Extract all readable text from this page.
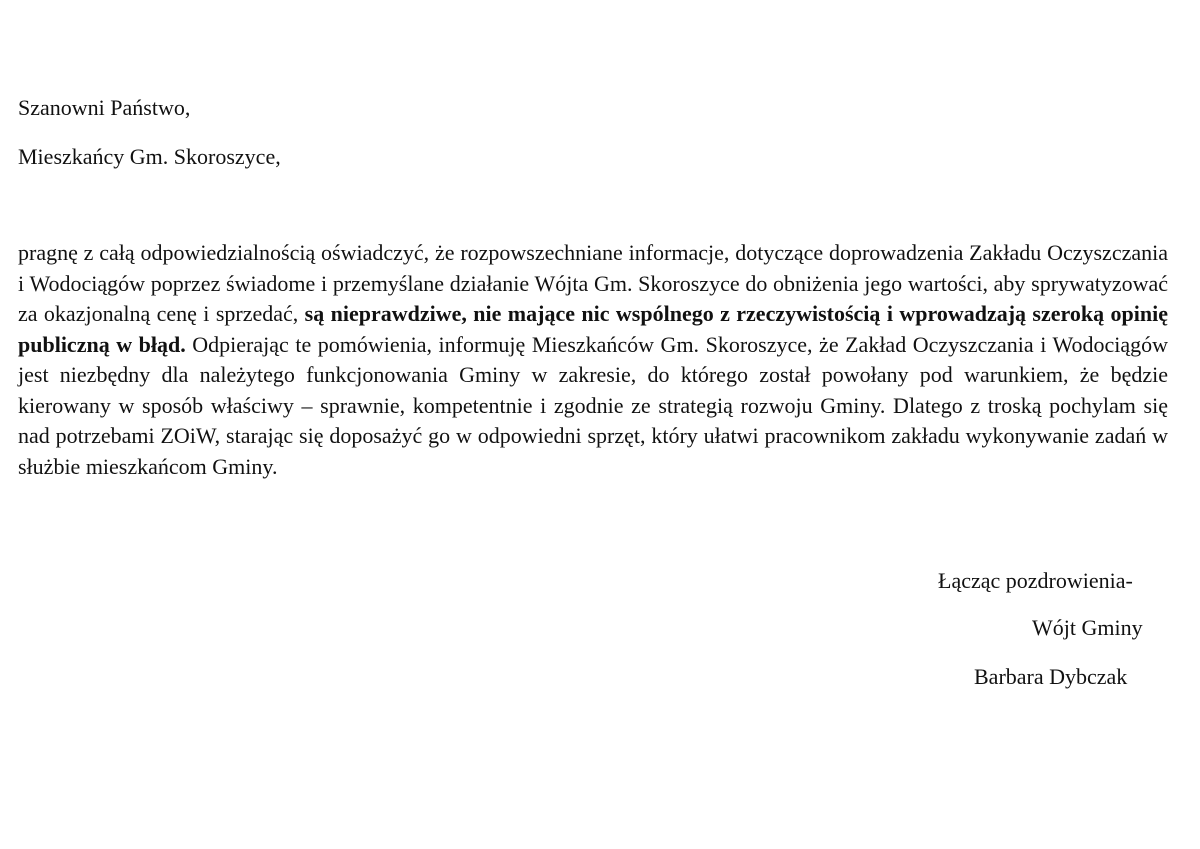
Szanowni Państwo,
Mieszkańcy Gm. Skoroszyce,
pragnę z całą odpowiedzialnością oświadczyć, że rozpowszechniane informacje, dotyczące doprowadzenia Zakładu Oczyszczania i Wodociągów poprzez świadome i przemyślane działanie Wójta Gm. Skoroszyce do obniżenia jego wartości, aby sprywatyzować za okazjonalną cenę i sprzedać, są nieprawdziwe, nie mające nic wspólnego z rzeczywistością i wprowadzają szeroką opinię publiczną w błąd. Odpierając te pomówienia, informuję Mieszkańców Gm. Skoroszyce, że Zakład Oczyszczania i Wodociągów jest niezbędny dla należytego funkcjonowania Gminy w zakresie, do którego został powołany pod warunkiem, że będzie kierowany w sposób właściwy – sprawnie, kompetentnie i zgodnie ze strategią rozwoju Gminy. Dlatego z troską pochylam się nad potrzebami ZOiW, starając się doposażyć go w odpowiedni sprzęt, który ułatwi pracownikom zakładu wykonywanie zadań w służbie mieszkańcom Gminy.
Łącząc pozdrowienia-
Wójt Gminy
Barbara Dybczak
